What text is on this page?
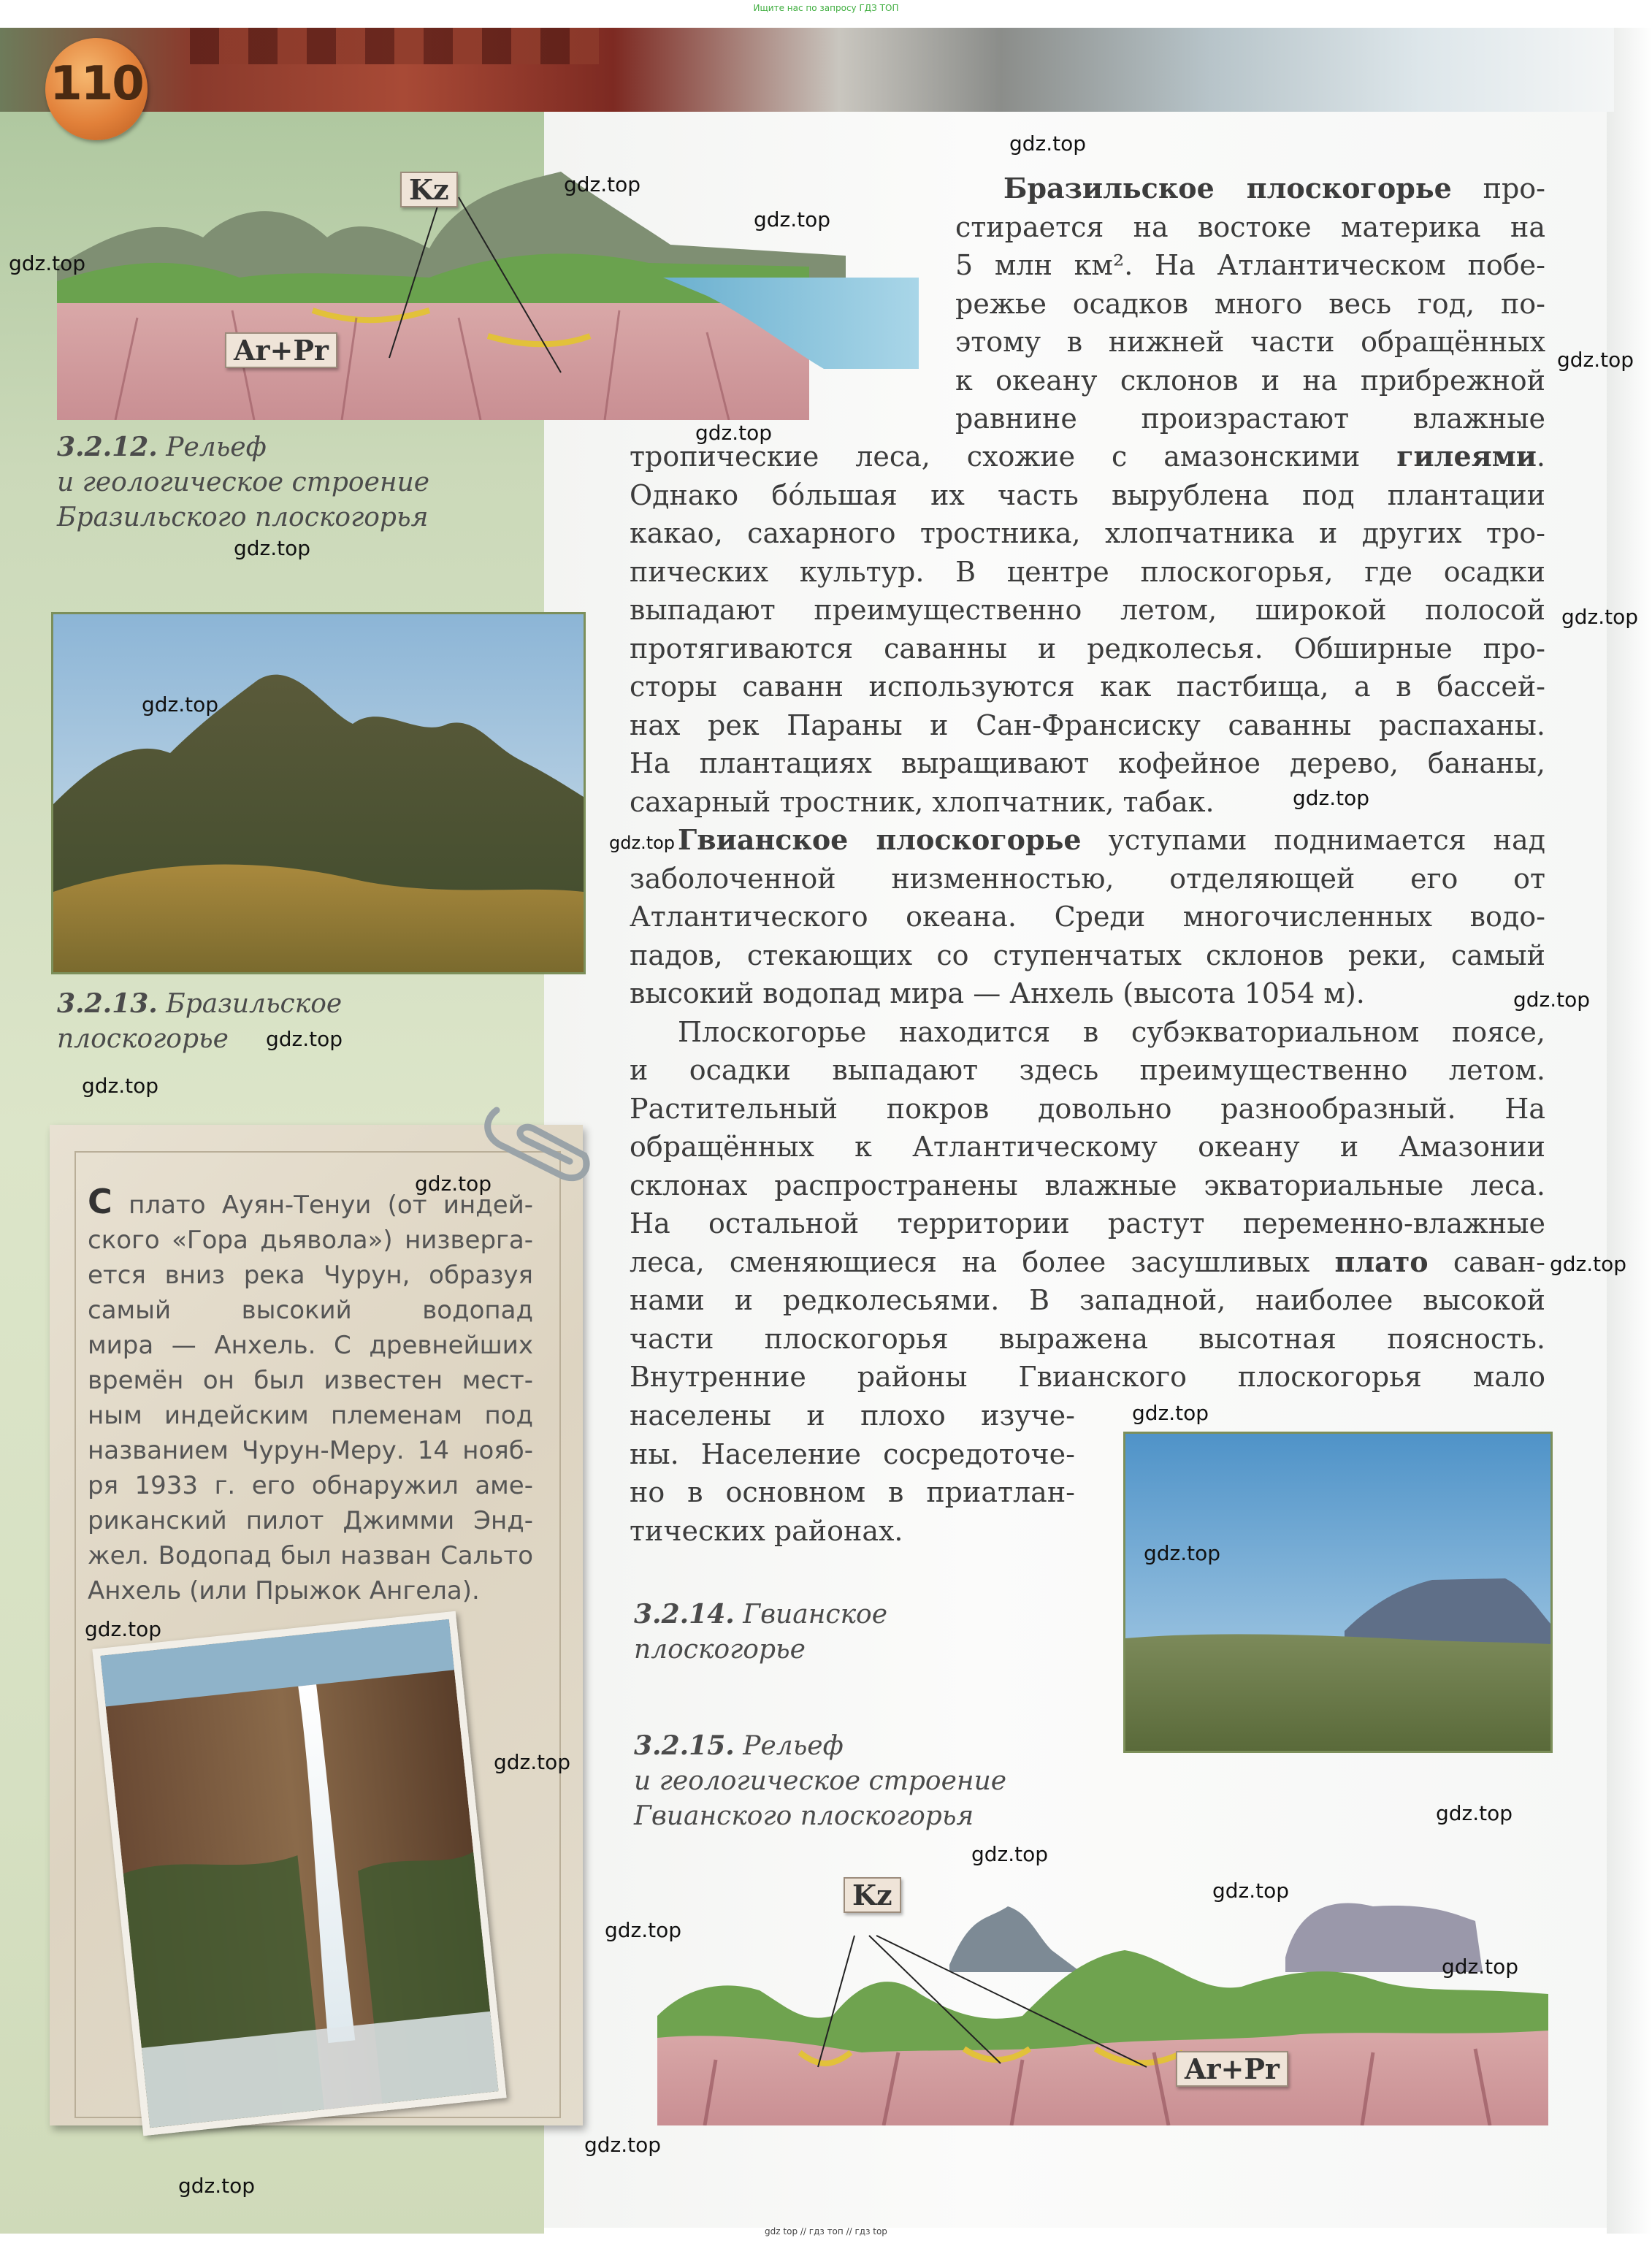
Ищите нас по запросу ГДЗ ТОП
110
Kz
Ar+Pr
3.2.12. Рельеф
и геологическое строение
Бразильского плоскогорья
3.2.13. Бразильское
плоскогорье
С плато Ауян-Тенуи (от индей-
ского «Гора дьявола») низверга-
ется вниз река Чурун, образуя
самый высокий водопад
мира — Анхель. С древнейших
времён он был известен мест-
ным индейским племенам под
названием Чурун-Меру. 14 нояб-
ря 1933 г. его обнаружил аме-
риканский пилот Джимми Энд-
жел. Водопад был назван Сальто
Анхель (или Прыжок Ангела).
Бразильское плоскогорье про-
стирается на востоке материка на
5 млн км². На Атлантическом побе-
режье осадков много весь год, по-
этому в нижней части обращённых
к океану склонов и на прибрежной
равнине произрастают влажные
тропические леса, схожие с амазонскими гилеями.
Однако бóльшая их часть вырублена под плантации
какао, сахарного тростника, хлопчатника и других тро-
пических культур. В центре плоскогорья, где осадки
выпадают преимущественно летом, широкой полосой
протягиваются саванны и редколесья. Обширные про-
сторы саванн используются как пастбища, а в бассей-
нах рек Параны и Сан-Франсиску саванны распаханы.
На плантациях выращивают кофейное дерево, бананы,
сахарный тростник, хлопчатник, табак.
Гвианское плоскогорье уступами поднимается над
заболоченной низменностью, отделяющей его от
Атлантического океана. Среди многочисленных водо-
падов, стекающих со ступенчатых склонов реки, самый
высокий водопад мира — Анхель (высота 1054 м).
Плоскогорье находится в субэкваториальном поясе,
и осадки выпадают здесь преимущественно летом.
Растительный покров довольно разнообразный. На
обращённых к Атлантическому океану и Амазонии
склонах распространены влажные экваториальные леса.
На остальной территории растут переменно-влажные
леса, сменяющиеся на более засушливых плато саван-
нами и редколесьями. В западной, наиболее высокой
части плоскогорья выражена высотная поясность.
Внутренние районы Гвианского плоскогорья мало
населены и плохо изуче-
ны. Население сосредоточе-
но в основном в приатлан-
тических районах.
3.2.14. Гвианское
плоскогорье
3.2.15. Рельеф
и геологическое строение
Гвианского плоскогорья
Kz
Ar+Pr
gdz.top
gdz.top
gdz.top
gdz.top
gdz.top
gdz.top
gdz.top
gdz.top
gdz.top
gdz.top
gdz.top
gdz.top
gdz.top
gdz.top
gdz.top
gdz.top
gdz.top
gdz.top
gdz.top
gdz.top
gdz.top
gdz.top
gdz.top
gdz.top
gdz.top
gdz.top
gdz.top
gdz top // гдз топ // гдз top
